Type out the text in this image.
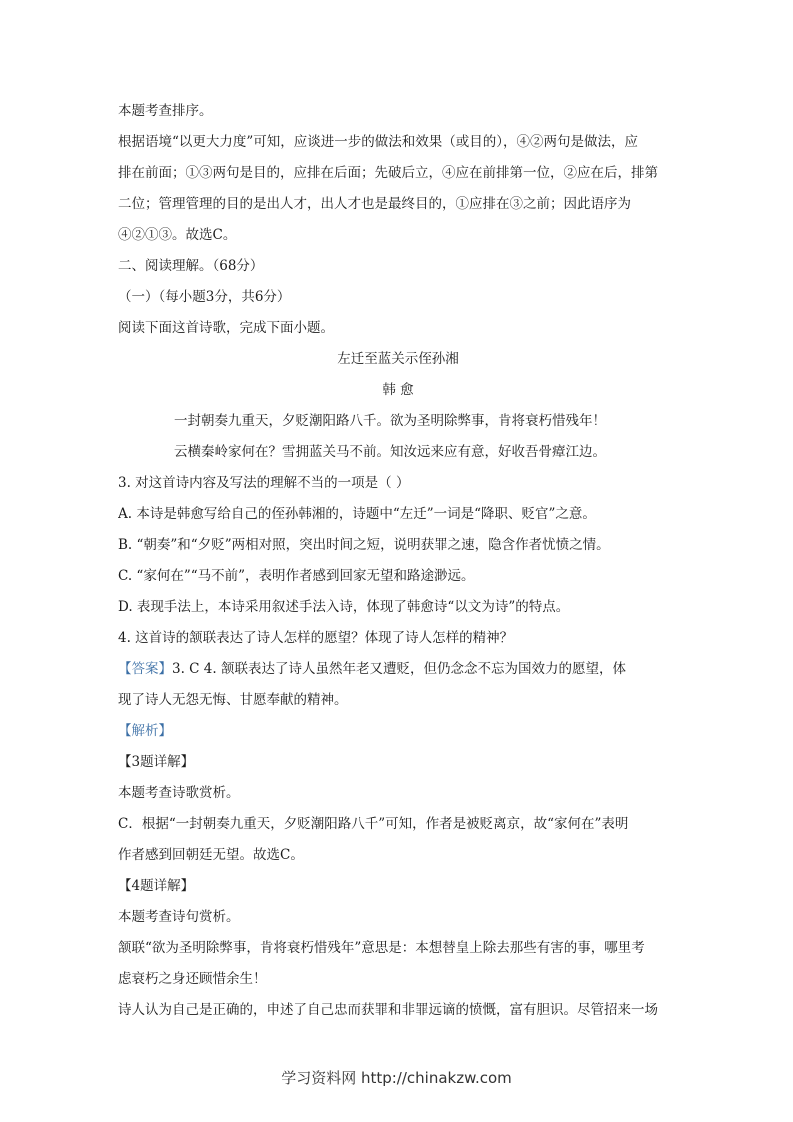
本题考查排序。
根据语境“以更大力度”可知，应谈进一步的做法和效果（或目的），④②两句是做法，应
排在前面；①③两句是目的，应排在后面；先破后立，④应在前排第一位，②应在后，排第
二位；管理管理的目的是出人才，出人才也是最终目的，①应排在③之前；因此语序为
④②①③。故选C。
二、阅读理解。（68分）
（一）（每小题3分，共6分）
阅读下面这首诗歌，完成下面小题。
左迁至蓝关示侄孙湘
韩 愈
一封朝奏九重天，夕贬潮阳路八千。欲为圣明除弊事，肯将衰朽惜残年！
云横秦岭家何在？雪拥蓝关马不前。知汝远来应有意，好收吾骨瘴江边。
3. 对这首诗内容及写法的理解不当的一项是（ ）
A. 本诗是韩愈写给自己的侄孙韩湘的，诗题中“左迁”一词是“降职、贬官”之意。
B. “朝奏”和“夕贬”两相对照，突出时间之短，说明获罪之速，隐含作者忧愤之情。
C. “家何在”“马不前”，表明作者感到回家无望和路途渺远。
D. 表现手法上，本诗采用叙述手法入诗，体现了韩愈诗“以文为诗”的特点。
4. 这首诗的颔联表达了诗人怎样的愿望？体现了诗人怎样的精神？
【答案】3. C 4. 颔联表达了诗人虽然年老又遭贬，但仍念念不忘为国效力的愿望，体
现了诗人无怨无悔、甘愿奉献的精神。
【解析】
【3题详解】
本题考查诗歌赏析。
C．根据“一封朝奏九重天，夕贬潮阳路八千”可知，作者是被贬离京，故“家何在”表明
作者感到回朝廷无望。故选C。
【4题详解】
本题考查诗句赏析。
颔联“欲为圣明除弊事，肯将衰朽惜残年”意思是：本想替皇上除去那些有害的事，哪里考
虑衰朽之身还顾惜余生！
诗人认为自己是正确的，申述了自己忠而获罪和非罪远谪的愤慨，富有胆识。尽管招来一场
学习资料网 http://chinakzw.com
